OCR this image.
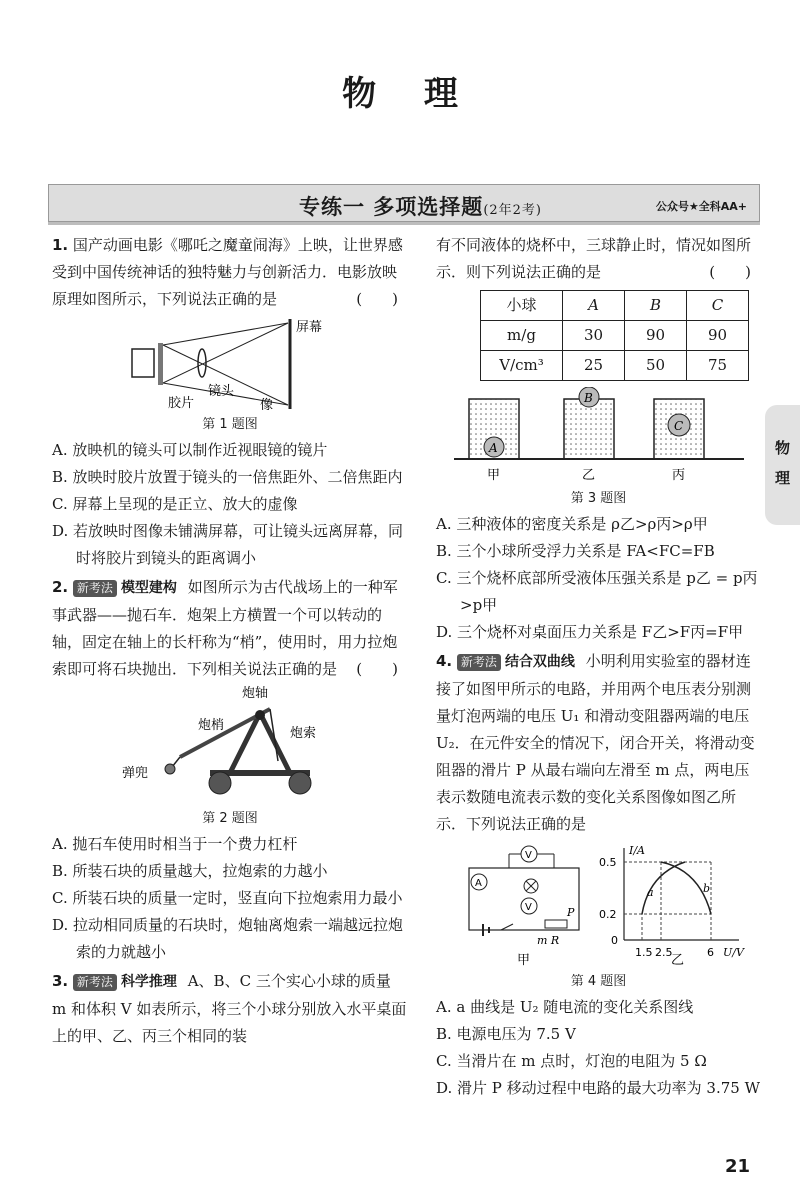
物 理
专练一 多项选择题(2年2考)	公众号★全科AA+
物
理
1. 国产动画电影《哪吒之魔童闹海》上映，让世界感受到中国传统神话的独特魅力与创新活力．电影放映原理如图所示，下列说法正确的是	(　　)
屏幕
胶片
镜头
像
第 1 题图
A. 放映机的镜头可以制作近视眼镜的镜片
B. 放映时胶片放置于镜头的一倍焦距外、二倍焦距内
C. 屏幕上呈现的是正立、放大的虚像
D. 若放映时图像未铺满屏幕，可让镜头远离屏幕，同时将胶片到镜头的距离调小
2. 新考法 模型建构 如图所示为古代战场上的一种军事武器——抛石车．炮架上方横置一个可以转动的轴，固定在轴上的长杆称为“梢”，使用时，用力拉炮索即可将石块抛出．下列相关说法正确的是 (　　)
炮轴
炮梢
炮索
弹兜
第 2 题图
A. 抛石车使用时相当于一个费力杠杆
B. 所装石块的质量越大，拉炮索的力越小
C. 所装石块的质量一定时，竖直向下拉炮索用力最小
D. 拉动相同质量的石块时，炮轴离炮索一端越远拉炮索的力就越小
3. 新考法 科学推理 A、B、C 三个实心小球的质量 m 和体积 V 如表所示，将三个小球分别放入水平桌面上的甲、乙、丙三个相同的装
有不同液体的烧杯中，三球静止时，情况如图所示．则下列说法正确的是	(　　)
小球	A	B	C
m/g	30	90	90
V/cm³	25	50	75
A
B
C
甲	乙	丙
第 3 题图
A. 三种液体的密度关系是 ρ乙>ρ丙>ρ甲
B. 三个小球所受浮力关系是 FA<FC=FB
C. 三个烧杯底部所受液体压强关系是 p乙 = p丙>p甲
D. 三个烧杯对桌面压力关系是 F乙>F丙=F甲
4. 新考法 结合双曲线 小明利用实验室的器材连接了如图甲所示的电路，并用两个电压表分别测量灯泡两端的电压 U₁ 和滑动变阻器两端的电压 U₂．在元件安全的情况下，闭合开关，将滑动变阻器的滑片 P 从最右端向左滑至 m 点，两电压表示数随电流表示数的变化关系图像如图乙所示．下列说法正确的是
A
V
V	P
m R
甲
I/A
U/V
0.5
0.2
0
1.5 2.5	6
a	b
乙
第 4 题图
A. a 曲线是 U₂ 随电流的变化关系图线
B. 电源电压为 7.5 V
C. 当滑片在 m 点时，灯泡的电阻为 5 Ω
D. 滑片 P 移动过程中电路的最大功率为 3.75 W
21
